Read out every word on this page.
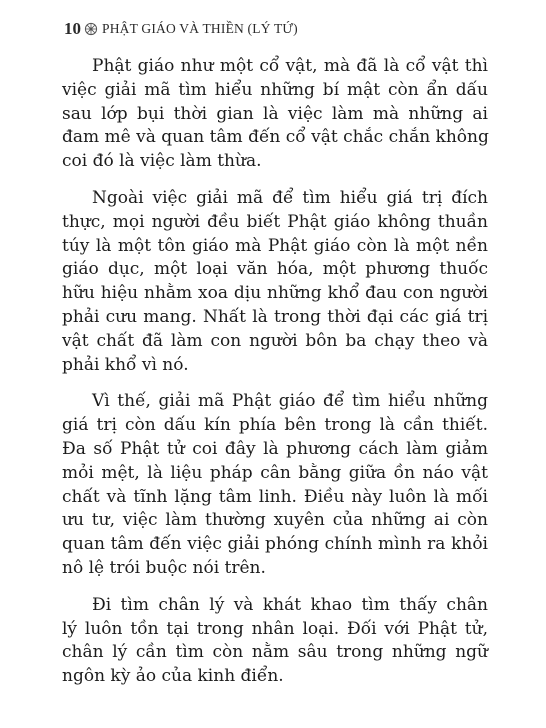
10 PHẬT GIÁO VÀ THIỀN (LÝ TỨ)

Phật giáo như một cổ vật, mà đã là cổ vật thì
việc giải mã tìm hiểu những bí mật còn ẩn dấu
sau lớp bụi thời gian là việc làm mà những ai
đam mê và quan tâm đến cổ vật chắc chắn không
coi đó là việc làm thừa.

Ngoài việc giải mã để tìm hiểu giá trị đích
thực, mọi người đều biết Phật giáo không thuần
túy là một tôn giáo mà Phật giáo còn là một nền
giáo dục, một loại văn hóa, một phương thuốc
hữu hiệu nhằm xoa dịu những khổ đau con người
phải cưu mang. Nhất là trong thời đại các giá trị
vật chất đã làm con người bôn ba chạy theo và
phải khổ vì nó.

Vì thế, giải mã Phật giáo để tìm hiểu những
giá trị còn dấu kín phía bên trong là cần thiết.
Đa số Phật tử coi đây là phương cách làm giảm
mỏi mệt, là liệu pháp cân bằng giữa ồn náo vật
chất và tĩnh lặng tâm linh. Điều này luôn là mối
ưu tư, việc làm thường xuyên của những ai còn
quan tâm đến việc giải phóng chính mình ra khỏi
nô lệ trói buộc nói trên.

Đi tìm chân lý và khát khao tìm thấy chân
lý luôn tồn tại trong nhân loại. Đối với Phật tử,
chân lý cần tìm còn nằm sâu trong những ngữ
ngôn kỳ ảo của kinh điển.
